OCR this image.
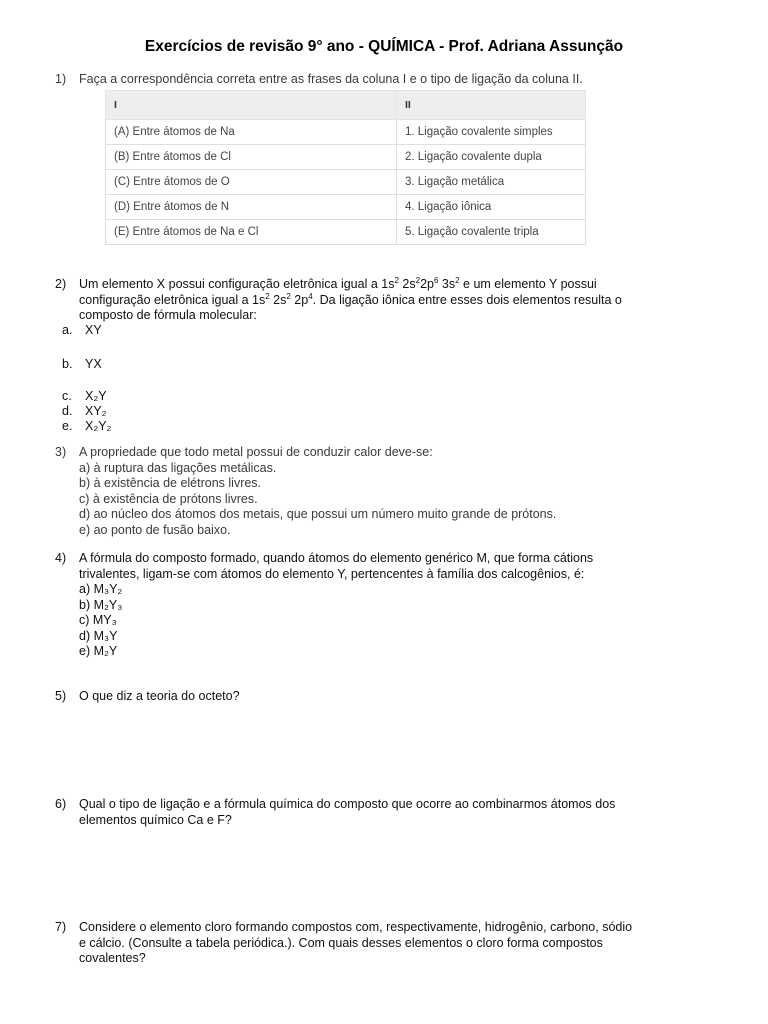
Exercícios de revisão 9° ano - QUÍMICA - Prof. Adriana Assunção
1) Faça a correspondência correta entre as frases da coluna I e o tipo de ligação da coluna II.
I	II
(A) Entre átomos de Na	1. Ligação covalente simples
(B) Entre átomos de Cl	2. Ligação covalente dupla
(C) Entre átomos de O	3. Ligação metálica
(D) Entre átomos de N	4. Ligação iônica
(E) Entre átomos de Na e Cl	5. Ligação covalente tripla
2) Um elemento X possui configuração eletrônica igual a $1s^2$ $2s^22p^6$ $3s^2$ e um elemento Y possui
configuração eletrônica igual a $1s^2$ $2s^2$ $2p^4$. Da ligação iônica entre esses dois elementos resulta o
composto de fórmula molecular:
a. XY
b. YX
c. X₂Y
d. XY₂
e. X₂Y₂
3) A propriedade que todo metal possui de conduzir calor deve-se:
a) à ruptura das ligações metálicas.
b) à existência de elétrons livres.
c) à existência de prótons livres.
d) ao núcleo dos átomos dos metais, que possui um número muito grande de prótons.
e) ao ponto de fusão baixo.
4) A fórmula do composto formado, quando átomos do elemento genérico M, que forma cátions
trivalentes, ligam-se com átomos do elemento Y, pertencentes à família dos calcogênios, é:
a) M₃Y₂
b) M₂Y₃
c) MY₃
d) M₃Y
e) M₂Y
5) O que diz a teoria do octeto?
6) Qual o tipo de ligação e a fórmula química do composto que ocorre ao combinarmos átomos dos
elementos químico Ca e F?
7) Considere o elemento cloro formando compostos com, respectivamente, hidrogênio, carbono, sódio
e cálcio. (Consulte a tabela periódica.). Com quais desses elementos o cloro forma compostos
covalentes?
